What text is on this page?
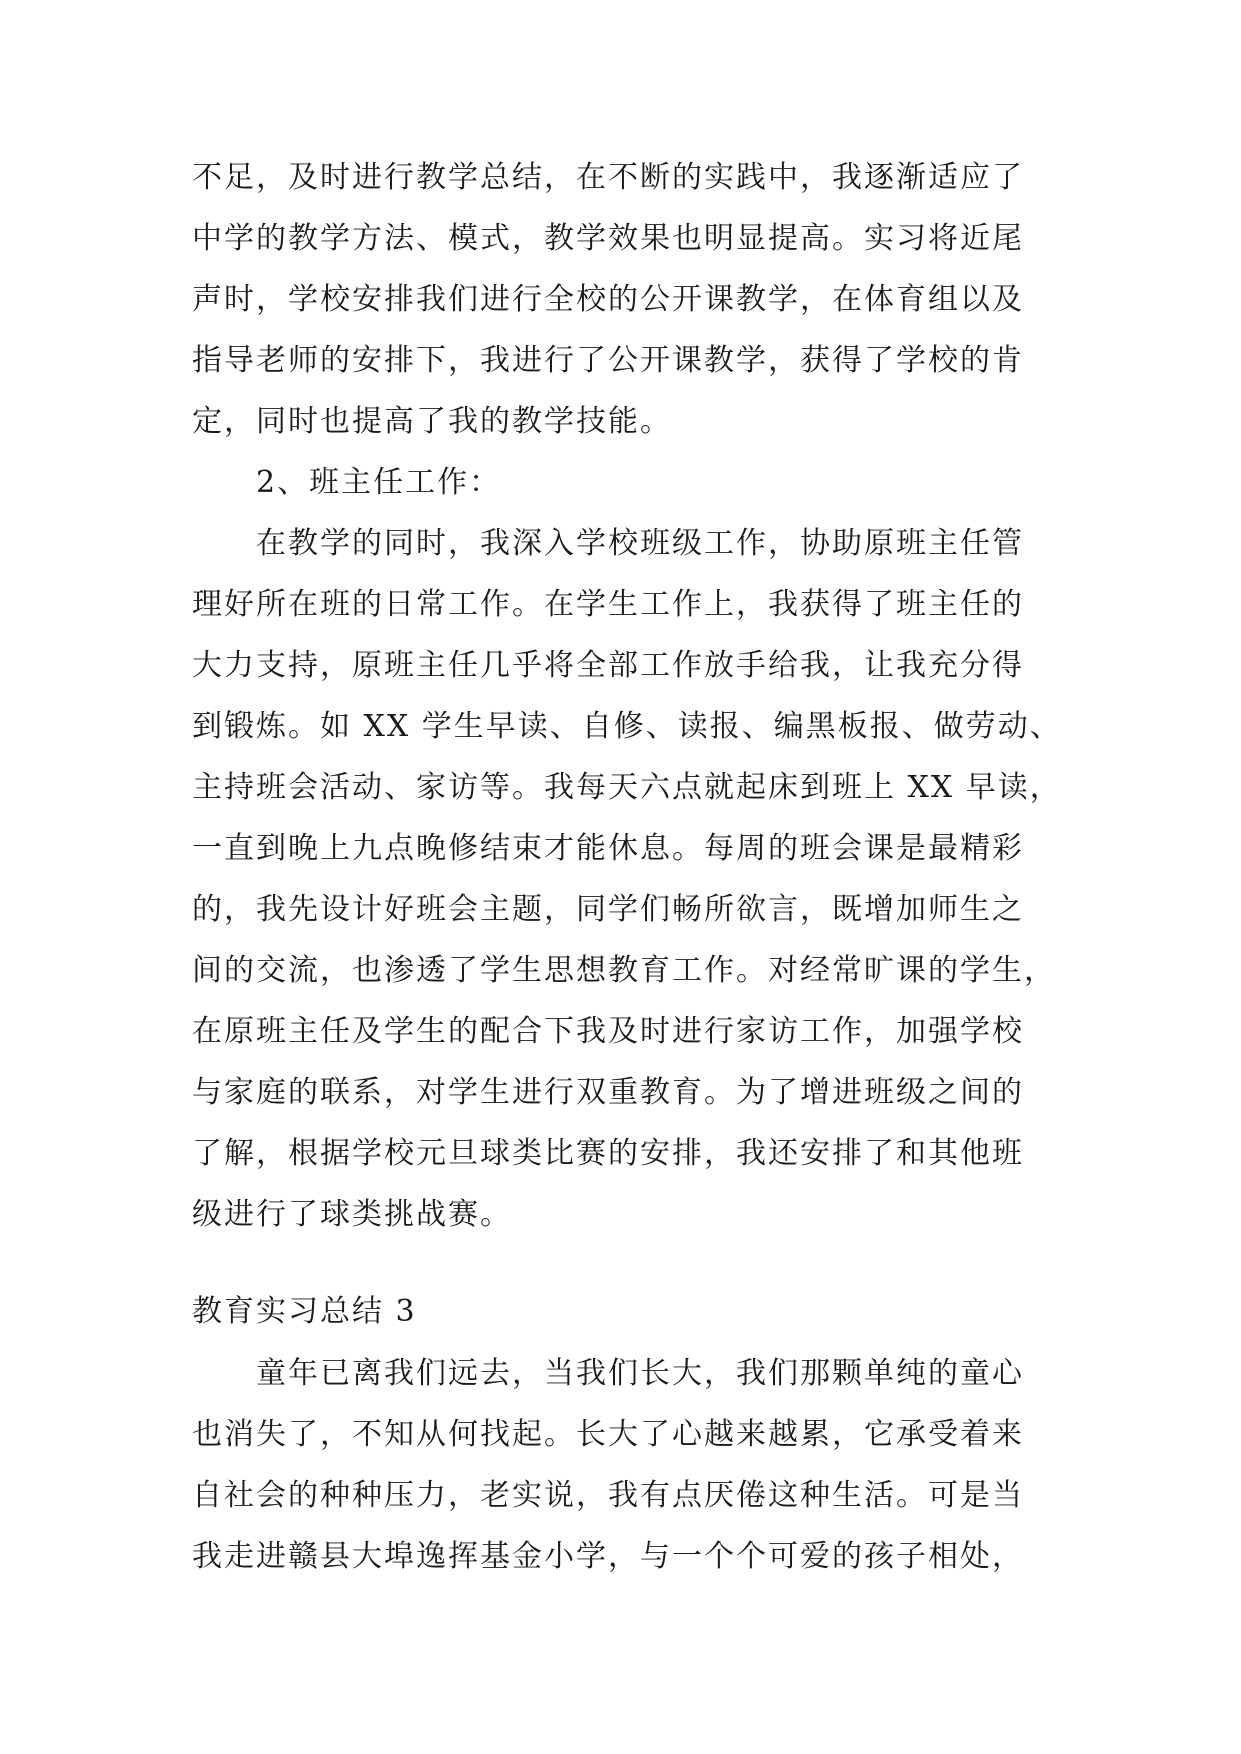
不足，及时进行教学总结，在不断的实践中，我逐渐适应了
中学的教学方法、模式，教学效果也明显提高。实习将近尾
声时，学校安排我们进行全校的公开课教学，在体育组以及
指导老师的安排下，我进行了公开课教学，获得了学校的肯
定，同时也提高了我的教学技能。
2、班主任工作：
在教学的同时，我深入学校班级工作，协助原班主任管
理好所在班的日常工作。在学生工作上，我获得了班主任的
大力支持，原班主任几乎将全部工作放手给我，让我充分得
到锻炼。如 XX 学生早读、自修、读报、编黑板报、做劳动、
主持班会活动、家访等。我每天六点就起床到班上 XX 早读，
一直到晚上九点晚修结束才能休息。每周的班会课是最精彩
的，我先设计好班会主题，同学们畅所欲言，既增加师生之
间的交流，也渗透了学生思想教育工作。对经常旷课的学生，
在原班主任及学生的配合下我及时进行家访工作，加强学校
与家庭的联系，对学生进行双重教育。为了增进班级之间的
了解，根据学校元旦球类比赛的安排，我还安排了和其他班
级进行了球类挑战赛。
教育实习总结 3
童年已离我们远去，当我们长大，我们那颗单纯的童心
也消失了，不知从何找起。长大了心越来越累，它承受着来
自社会的种种压力，老实说，我有点厌倦这种生活。可是当
我走进赣县大埠逸挥基金小学，与一个个可爱的孩子相处，
